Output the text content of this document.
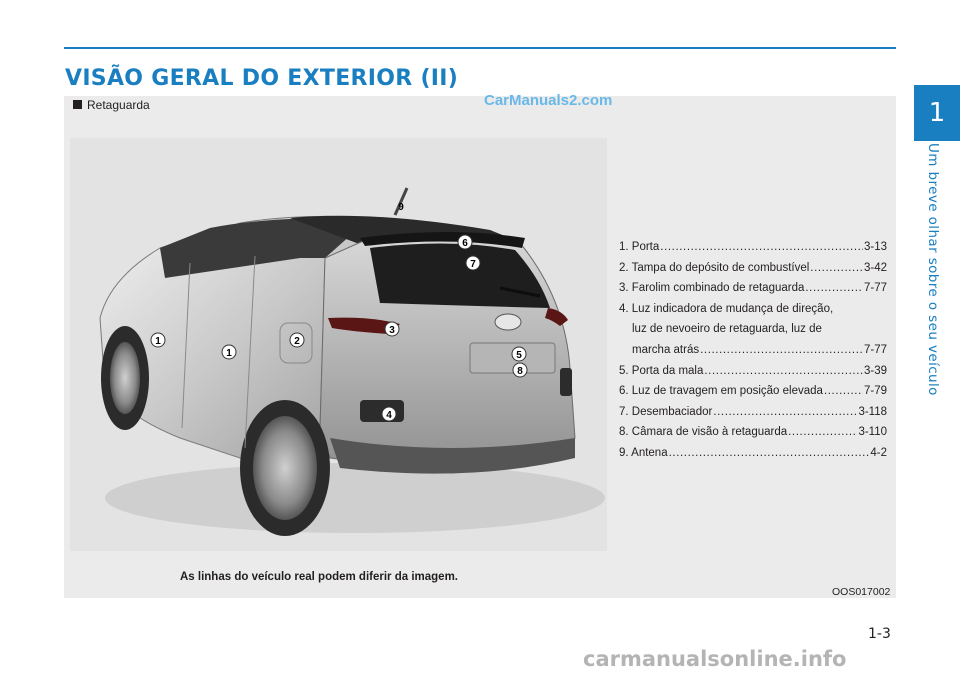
VISÃO GERAL DO EXTERIOR (II)
Retaguarda	CarManuals2.com
1
1
2
3
4
5
6
7
8
9
1. Porta .....	3-13
2. Tampa do depósito de combustível .....	3-42
3. Farolim combinado de retaguarda .....	7-77
4. Luz indicadora de mudança de direção,
luz de nevoeiro de retaguarda, luz de
marcha atrás .....	7-77
5. Porta da mala .....	3-39
6. Luz de travagem em posição elevada .....	7-79
7. Desembaciador .....	3-118
8. Câmara de visão à retaguarda .....	3-110
9. Antena .....	4-2
As linhas do veículo real podem diferir da imagem.
OOS017002
1
Um breve olhar sobre o seu veículo
1-3
carmanualsonline.info
